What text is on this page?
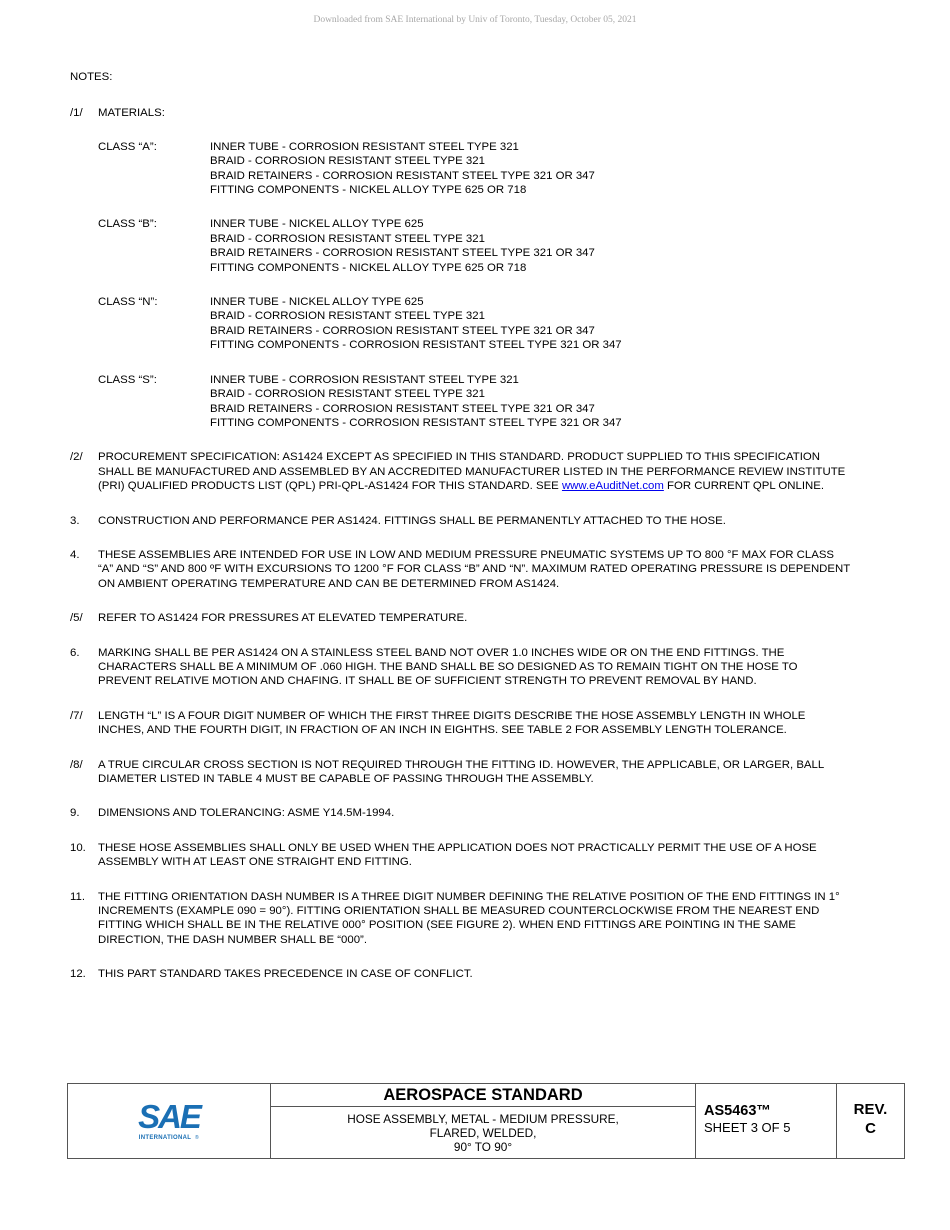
Downloaded from SAE International by Univ of Toronto, Tuesday, October 05, 2021
NOTES:
/1/	MATERIALS:
CLASS “A”:	INNER TUBE - CORROSION RESISTANT STEEL TYPE 321
BRAID - CORROSION RESISTANT STEEL TYPE 321
BRAID RETAINERS - CORROSION RESISTANT STEEL TYPE 321 OR 347
FITTING COMPONENTS - NICKEL ALLOY TYPE 625 OR 718
CLASS “B”:	INNER TUBE - NICKEL ALLOY TYPE 625
BRAID - CORROSION RESISTANT STEEL TYPE 321
BRAID RETAINERS - CORROSION RESISTANT STEEL TYPE 321 OR 347
FITTING COMPONENTS - NICKEL ALLOY TYPE 625 OR 718
CLASS “N”:	INNER TUBE - NICKEL ALLOY TYPE 625
BRAID - CORROSION RESISTANT STEEL TYPE 321
BRAID RETAINERS - CORROSION RESISTANT STEEL TYPE 321 OR 347
FITTING COMPONENTS - CORROSION RESISTANT STEEL TYPE 321 OR 347
CLASS “S”:	INNER TUBE - CORROSION RESISTANT STEEL TYPE 321
BRAID - CORROSION RESISTANT STEEL TYPE 321
BRAID RETAINERS - CORROSION RESISTANT STEEL TYPE 321 OR 347
FITTING COMPONENTS - CORROSION RESISTANT STEEL TYPE 321 OR 347
/2/	PROCUREMENT SPECIFICATION: AS1424 EXCEPT AS SPECIFIED IN THIS STANDARD. PRODUCT SUPPLIED TO THIS SPECIFICATION SHALL BE MANUFACTURED AND ASSEMBLED BY AN ACCREDITED MANUFACTURER LISTED IN THE PERFORMANCE REVIEW INSTITUTE (PRI) QUALIFIED PRODUCTS LIST (QPL) PRI-QPL-AS1424 FOR THIS STANDARD. SEE www.eAuditNet.com FOR CURRENT QPL ONLINE.
3.	CONSTRUCTION AND PERFORMANCE PER AS1424. FITTINGS SHALL BE PERMANENTLY ATTACHED TO THE HOSE.
4.	THESE ASSEMBLIES ARE INTENDED FOR USE IN LOW AND MEDIUM PRESSURE PNEUMATIC SYSTEMS UP TO 800 °F MAX FOR CLASS “A” AND “S” AND 800 ºF WITH EXCURSIONS TO 1200 °F FOR CLASS “B” AND “N”. MAXIMUM RATED OPERATING PRESSURE IS DEPENDENT ON AMBIENT OPERATING TEMPERATURE AND CAN BE DETERMINED FROM AS1424.
/5/	REFER TO AS1424 FOR PRESSURES AT ELEVATED TEMPERATURE.
6.	MARKING SHALL BE PER AS1424 ON A STAINLESS STEEL BAND NOT OVER 1.0 INCHES WIDE OR ON THE END FITTINGS. THE CHARACTERS SHALL BE A MINIMUM OF .060 HIGH. THE BAND SHALL BE SO DESIGNED AS TO REMAIN TIGHT ON THE HOSE TO PREVENT RELATIVE MOTION AND CHAFING. IT SHALL BE OF SUFFICIENT STRENGTH TO PREVENT REMOVAL BY HAND.
/7/	LENGTH “L” IS A FOUR DIGIT NUMBER OF WHICH THE FIRST THREE DIGITS DESCRIBE THE HOSE ASSEMBLY LENGTH IN WHOLE INCHES, AND THE FOURTH DIGIT, IN FRACTION OF AN INCH IN EIGHTHS. SEE TABLE 2 FOR ASSEMBLY LENGTH TOLERANCE.
/8/	A TRUE CIRCULAR CROSS SECTION IS NOT REQUIRED THROUGH THE FITTING ID. HOWEVER, THE APPLICABLE, OR LARGER, BALL DIAMETER LISTED IN TABLE 4 MUST BE CAPABLE OF PASSING THROUGH THE ASSEMBLY.
9.	DIMENSIONS AND TOLERANCING: ASME Y14.5M-1994.
10.	THESE HOSE ASSEMBLIES SHALL ONLY BE USED WHEN THE APPLICATION DOES NOT PRACTICALLY PERMIT THE USE OF A HOSE ASSEMBLY WITH AT LEAST ONE STRAIGHT END FITTING.
11.	THE FITTING ORIENTATION DASH NUMBER IS A THREE DIGIT NUMBER DEFINING THE RELATIVE POSITION OF THE END FITTINGS IN 1° INCREMENTS (EXAMPLE 090 = 90°). FITTING ORIENTATION SHALL BE MEASURED COUNTERCLOCKWISE FROM THE NEAREST END FITTING WHICH SHALL BE IN THE RELATIVE 000° POSITION (SEE FIGURE 2). WHEN END FITTINGS ARE POINTING IN THE SAME DIRECTION, THE DASH NUMBER SHALL BE “000”.
12.	THIS PART STANDARD TAKES PRECEDENCE IN CASE OF CONFLICT.
SAE
INTERNATIONAL ®
AEROSPACE STANDARD
HOSE ASSEMBLY, METAL - MEDIUM PRESSURE,
FLARED, WELDED,
90° TO 90°
AS5463™
SHEET 3 OF 5
REV.
C
